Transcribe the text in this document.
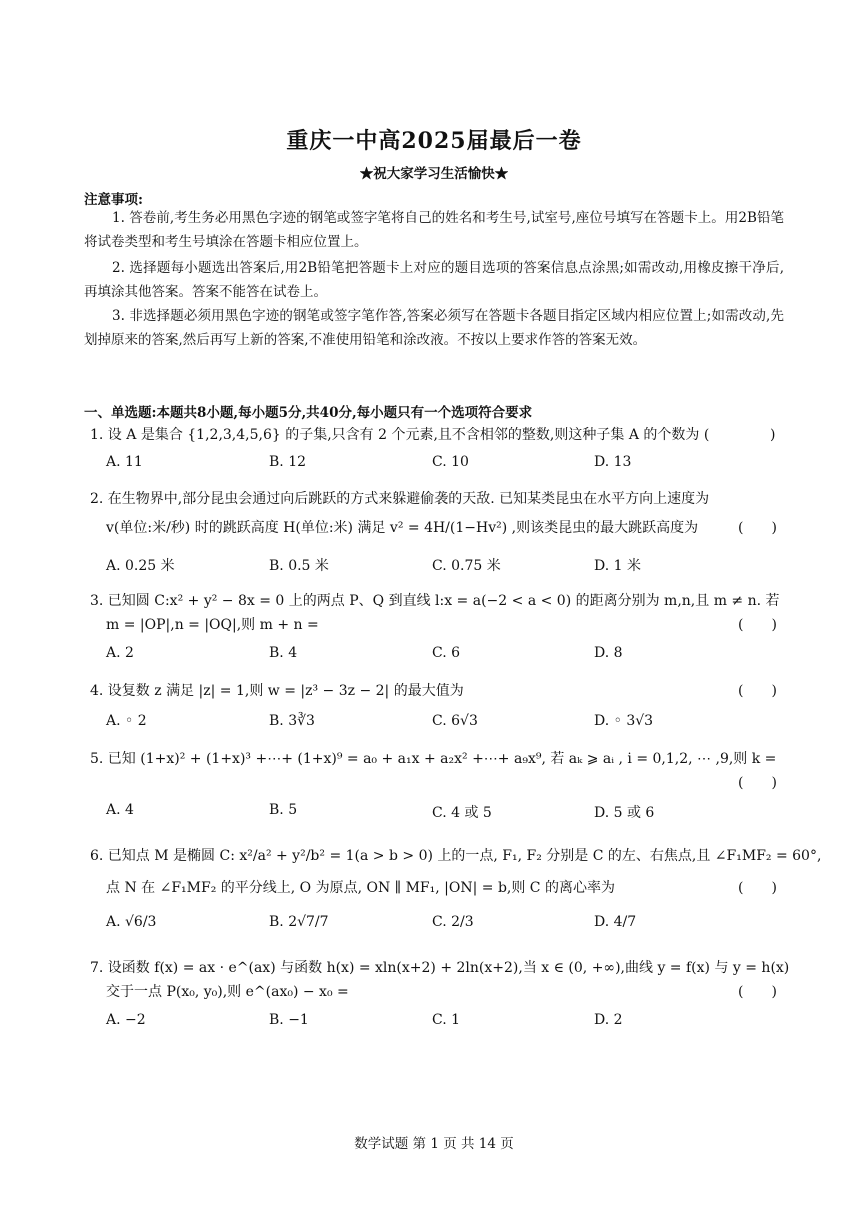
重庆一中高2025届最后一卷
★祝大家学习生活愉快★
注意事项:
1. 答卷前,考生务必用黑色字迹的钢笔或签字笔将自己的姓名和考生号,试室号,座位号填写在答题卡上。用2B铅笔将试卷类型和考生号填涂在答题卡相应位置上。
2. 选择题每小题选出答案后,用2B铅笔把答题卡上对应的题目选项的答案信息点涂黑;如需改动,用橡皮擦干净后,再填涂其他答案。答案不能答在试卷上。
3. 非选择题必须用黑色字迹的钢笔或签字笔作答,答案必须写在答题卡各题目指定区域内相应位置上;如需改动,先划掉原来的答案,然后再写上新的答案,不准使用铅笔和涂改液。不按以上要求作答的答案无效。
一、单选题:本题共8小题,每小题5分,共40分,每小题只有一个选项符合要求
1. 设 A 是集合 {1,2,3,4,5,6} 的子集,只含有 2 个元素,且不含相邻的整数,则这种子集 A 的个数为 (	)
A. 11	B. 12	C. 10	D. 13
2. 在生物界中,部分昆虫会通过向后跳跃的方式来躲避偷袭的天敌. 已知某类昆虫在水平方向上速度为
v(单位:米/秒) 时的跳跃高度 H(单位:米) 满足 v² = 4H/(1−Hv²) ,则该类昆虫的最大跳跃高度为	(　　)
A. 0.25 米	B. 0.5 米	C. 0.75 米	D. 1 米
3. 已知圆 C:x² + y² − 8x = 0 上的两点 P、Q 到直线 l:x = a(−2 < a < 0) 的距离分别为 m,n,且 m ≠ n. 若
m = |OP|,n = |OQ|,则 m + n =	(　　)
A. 2	B. 4	C. 6	D. 8
4. 设复数 z 满足 |z| = 1,则 w = |z³ − 3z − 2| 的最大值为	(　　)
A. ◦ 2	B. 3∛3	C. 6√3	D. ◦ 3√3
5. 已知 (1+x)² + (1+x)³ +⋯+ (1+x)⁹ = a₀ + a₁x + a₂x² +⋯+ a₉x⁹, 若 aₖ ⩾ aᵢ , i = 0,1,2, ⋯ ,9,则 k =
(　　)
A. 4	B. 5	C. 4 或 5	D. 5 或 6
6. 已知点 M 是椭圆 C: x²/a² + y²/b² = 1(a > b > 0) 上的一点, F₁, F₂ 分别是 C 的左、右焦点,且 ∠F₁MF₂ = 60°,
点 N 在 ∠F₁MF₂ 的平分线上, O 为原点, ON ∥ MF₁, |ON| = b,则 C 的离心率为	(　　)
A. √6/3	B. 2√7/7	C. 2/3	D. 4/7
7. 设函数 f(x) = ax · e^(ax) 与函数 h(x) = xln(x+2) + 2ln(x+2),当 x ∈ (0, +∞),曲线 y = f(x) 与 y = h(x)
交于一点 P(x₀, y₀),则 e^(ax₀) − x₀ =	(　　)
A. −2	B. −1	C. 1	D. 2
数学试题 第 1 页 共 14 页
